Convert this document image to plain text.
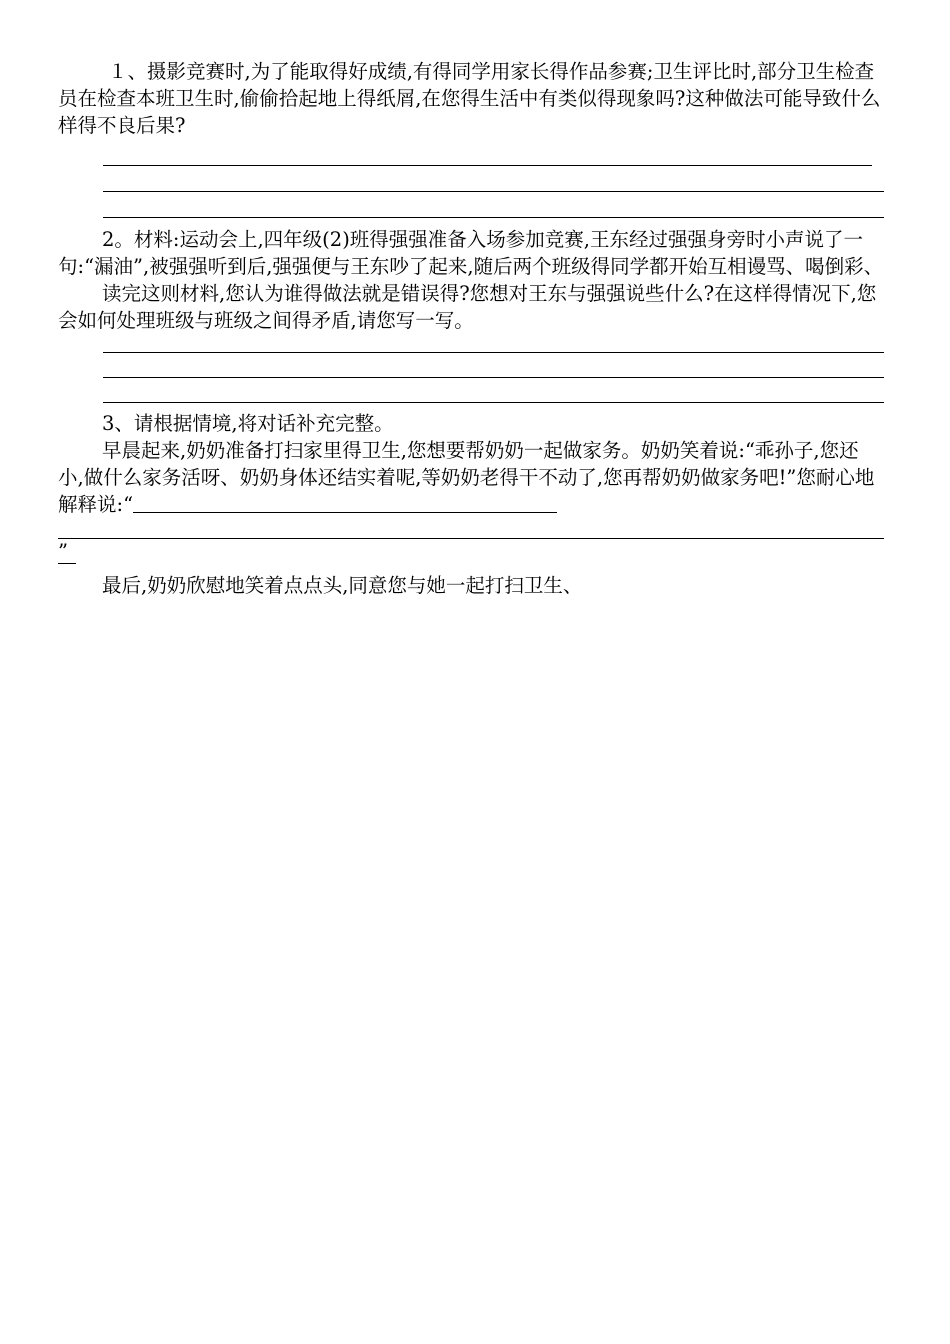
１、摄影竞赛时,为了能取得好成绩,有得同学用家长得作品参赛;卫生评比时,部分卫生检查员在检查本班卫生时,偷偷拾起地上得纸屑,在您得生活中有类似得现象吗?这种做法可能导致什么样得不良后果?

2。材料:运动会上,四年级(2)班得强强准备入场参加竞赛,王东经过强强身旁时小声说了一句:“漏油”,被强强听到后,强强便与王东吵了起来,随后两个班级得同学都开始互相谩骂、喝倒彩、

读完这则材料,您认为谁得做法就是错误得?您想对王东与强强说些什么?在这样得情况下,您会如何处理班级与班级之间得矛盾,请您写一写。

3、请根据情境,将对话补充完整。

早晨起来,奶奶准备打扫家里得卫生,您想要帮奶奶一起做家务。奶奶笑着说:“乖孙子,您还小,做什么家务活呀、奶奶身体还结实着呢,等奶奶老得干不动了,您再帮奶奶做家务吧!”您耐心地解释说:“

”

最后,奶奶欣慰地笑着点点头,同意您与她一起打扫卫生、
